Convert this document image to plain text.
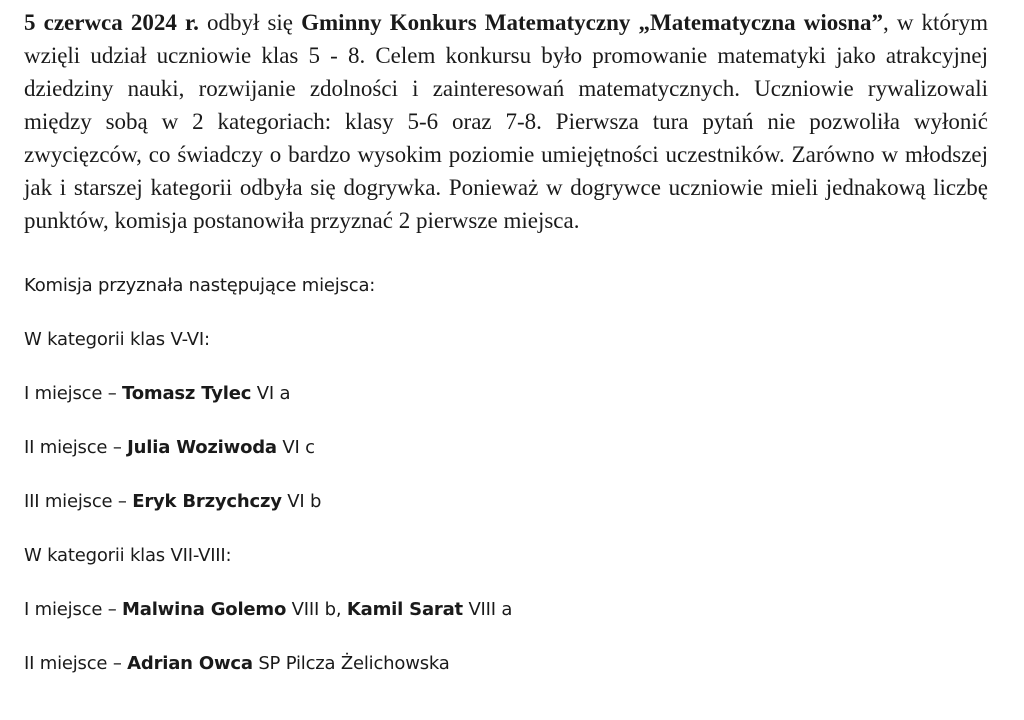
5 czerwca 2024 r. odbył się Gminny Konkurs Matematyczny „Matematyczna wiosna”, w którym wzięli udział uczniowie klas 5 - 8. Celem konkursu było promowanie matematyki jako atrakcyjnej dziedziny nauki, rozwijanie zdolności i zainteresowań matematycznych. Uczniowie rywalizowali między sobą w 2 kategoriach: klasy 5-6 oraz 7-8. Pierwsza tura pytań nie pozwoliła wyłonić zwycięzców, co świadczy o bardzo wysokim poziomie umiejętności uczestników. Zarówno w młodszej jak i starszej kategorii odbyła się dogrywka. Ponieważ w dogrywce uczniowie mieli jednakową liczbę punktów, komisja postanowiła przyznać 2 pierwsze miejsca.

Komisja przyznała następujące miejsca:

W kategorii klas V-VI:

I miejsce – Tomasz Tylec VI a

II miejsce – Julia Woziwoda VI c

III miejsce – Eryk Brzychczy VI b

W kategorii klas VII-VIII:

I miejsce – Malwina Golemo VIII b, Kamil Sarat VIII a

II miejsce – Adrian Owca SP Pilcza Żelichowska
